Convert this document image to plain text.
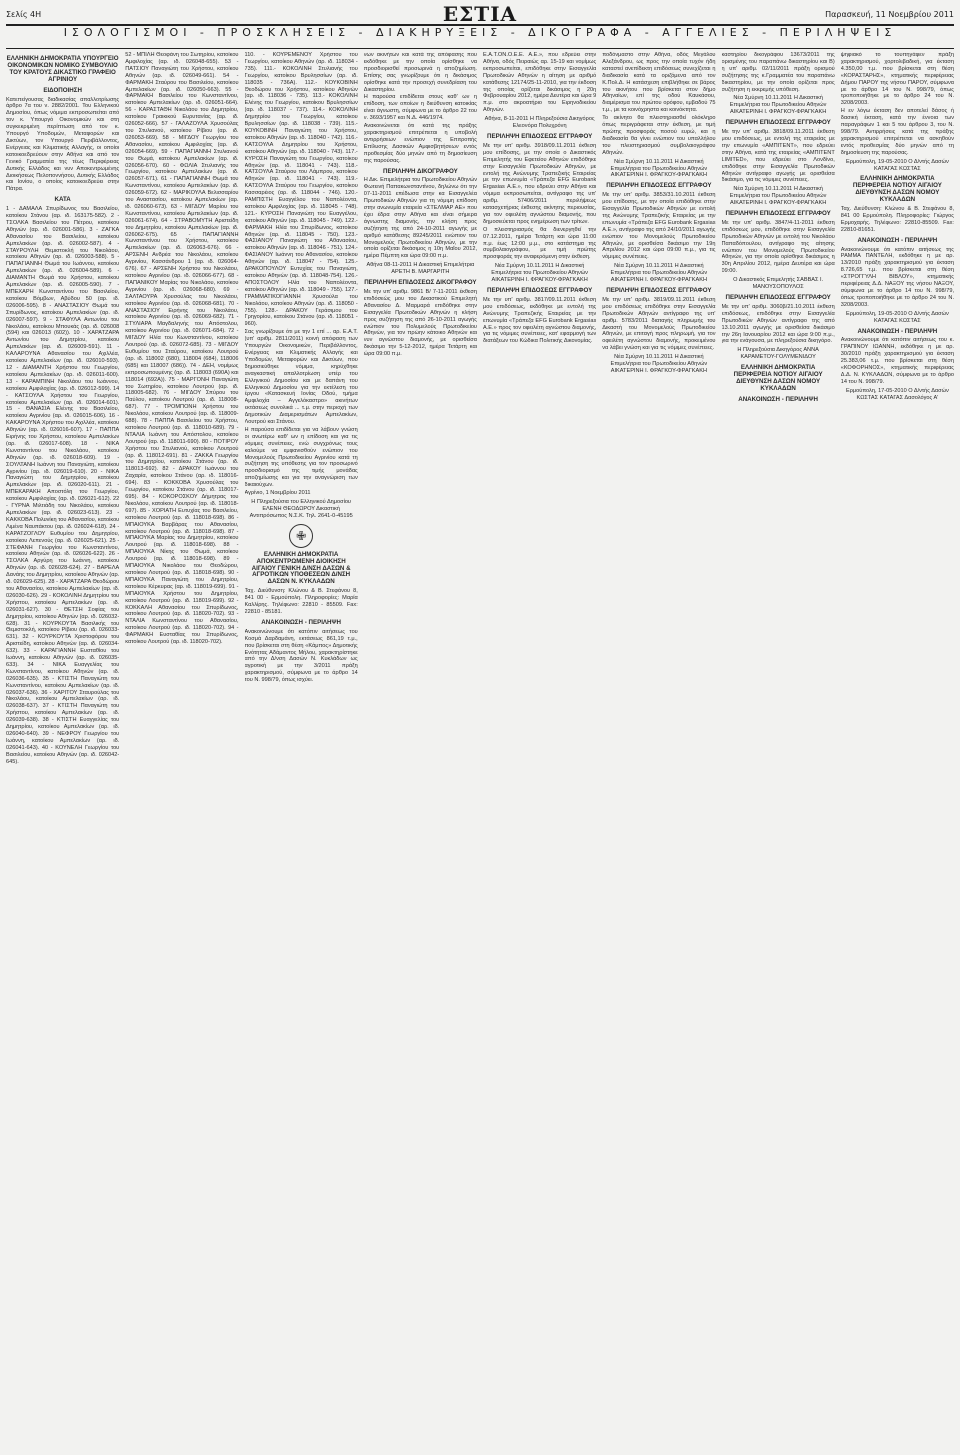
Σελίς 4Η	ΕΣΤΙΑ	Παρασκευή, 11 Νοεμβρίου 2011
ΙΣΟΛΟΓΙΣΜΟΙ - ΠΡΟΣΚΛΗΣΕΙΣ - ΔΙΑΚΗΡΥΞΕΙΣ - ΔΙΚΟΓΡΑΦΑ - ΑΓΓΕΛΙΕΣ - ΠΕΡΙΛΗΨΕΙΣ

ΕΛΛΗΝΙΚΗ ΔΗΜΟΚΡΑΤΙΑ ΥΠΟΥΡΓΕΙΟ ΟΙΚΟΝΟΜΙΚΩΝ ΝΟΜΙΚΟ ΣΥΜΒΟΥΛΙΟ ΤΟΥ ΚΡΑΤΟΥΣ ΔΙΚΑΣΤΙΚΟ ΓΡΑΦΕΙΟ ΑΓΡΙΝΙΟΥ

ΕΙΔΟΠΟΙΗΣΗ

Κατεπείγουσας διαδικασίας απαλλοτρίωσης άρθρο 7α του ν. 2882/2001. Του Ελληνικού Δημοσίου, όπως νόμιμα εκπροσωπείται από τον κ. Υπουργό Οικονομικών και στη συγκεκριμένη περίπτωση από τον κ. Υπουργό Υποδομών, Μεταφορών και Δικτύων, τον Υπουργό Περιβάλλοντος, Ενέργειας και Κλιματικής Αλλαγής, οι οποίοι κατοικοεδρεύουν στην Αθήνα και από τον Γενικό Γραμματέα της τέως Περιφέρειας Δυτικής Ελλάδος και νυν Αποκεντρωμένης Διοικήσεως Πελοποννήσου, Δυτικής Ελλάδος και Ιονίου, ο οποίος κατοικοεδρεύει στην Πάτρα.

ΚΑΤΑ

1 - ΔΑΜΑΛΑ Σπυρίδωνος του Βασιλείου, κατοίκου Στάνου (αρ. ιδ. 163175-582). 2 - ΤΣΟΛΚΑ Βασιλείου του Πέτρου, κατοίκου Αθηνών (αρ. ιδ. 026001-586). 3 - ΖΑΓΚΑ Αθανασίου του Βασιλείου, κατοίκου Αμπελακίων (αρ. ιδ. 026002-587). 4 - ΣΤΑΥΡΟΥΛΗ Θεμιστοκλή του Νικολάου, κατοίκου Αθηνών (αρ. ιδ. 026003-588). 5 - ΠΑΠΑΓΙΑΝΝΗ Θωμά του Ιωάννου, κατοίκου Αμπελακίων (αρ. ιδ. 026004-589). 6 - ΔΙΑΜΑΝΤΗ Θωμά του Χρήστου, κατοίκου Αμπελακίων (αρ. ιδ. 026005-590). 7 - ΜΠΕΧΑΡΗ Κωνσταντίνου του Βασιλείου, κατοίκου Βόμβων, Αβύδου 50 (αρ. ιδ. 026006-595). 8 - ΑΝΑΣΤΑΣΙΟΥ Θωμά του Σπυρίδωνος, κατοίκου Αμπελακίων (αρ. ιδ. 026007-597). 9 - ΣΤΑΦΥΛΑ Αντωνίου του Νικολάου, κατοίκου Μπουκάς (αρ. ιδ. 026008 (594) και 026013 (602)). 10 - ΧΑΡΑΤΖΑΡΑ Αντωνίου του Δημητρίου, κατοίκου Αμπελακίων (αρ. ιδ. 026009-591). 11 - ΚΑΛΑΡΟΥΝΑ Αθανασίου του Αχιλλέα, κατοίκου Αμπελακίων (αρ. ιδ. 026010-593). 12 - ΔΙΑΜΑΝΤΗ Χρήστου του Γεωργίου, κατοίκου Αμπελακίων (αρ. ιδ. 026011-600). 13 - ΚΑΡΑΜΠΙΝΗ Νικολάου του Ιωάννου, κατοίκου Αμφιλοχίας (αρ. ιδ. 026012-599). 14 - ΚΑΤΣΟΥΛΑ Χρήστου του Γεωργίου, κατοίκου Αμπελακίων (αρ. ιδ. 026014-601). 15 - ΘΑΝΑΣΙΑ Ελένης του Βασιλείου, κατοίκου Αγρινίου (αρ. ιδ. 026015-606). 16 - ΚΑΚΑΡΟΥΝΑ Χρήστου του Αχιλλέα, κατοίκου Αθηνών (αρ. ιδ. 026016-607). 17 - ΠΑΠΠΑ Ειρήνης του Χρήστου, κατοίκου Αμπελακίων (αρ. ιδ. 026017-608). 18 - ΝΙΚΑ Κωνσταντίνου του Νικολάου, κατοίκου Αθηνών (αρ. ιδ. 026018-609). 19 - ΣΟΥΛΤΑΝΗ Ιωάννη του Παναγιώτη, κατοίκου Αγρινίου (αρ. ιδ. 026019-610). 20 - ΝΙΚΑ Παναγιώτη του Δημητρίου, κατοίκου Αμπελακίων (αρ. ιδ. 026020-611). 21 - ΜΠΕΚΑΡΑΚΗ Αποστόλη του Γεωργίου, κατοίκου Αμφιλοχίας (αρ. ιδ. 026021-612). 22 - ΓΥΡΝΑ Μιλτιάδη του Νικολάου, κατοίκου Αμπελακίων (αρ. ιδ. 026023-613). 23 - ΚΑΚΚΟΒΑ Πολυνίκη του Αθανασίου, κατοίκου Λιμένα Ναυπάκτου (αρ. ιδ. 026024-618). 24 - ΚΑΡΑΤΖΟΓΛΟΥ Ευθυμίου του Δημητρίου, κατοίκου Λεπενούς (αρ. ιδ. 026025-621). 25 - ΣΤΕΦΑΝΗ Γεωργίου του Κωνσταντίνου, κατοίκου Αθηνών (αρ. ιδ. 026026-622). 26 - ΤΣΟΛΚΑ Αργύρη του Ιωάννη, κατοίκου Αθηνών (αρ. ιδ. 026028-624). 27 - ΒΑΡΕΛΑ Δανάης του Δημητρίου, κατοίκου Αθηνών (αρ. ιδ. 026029-625). 28 - ΧΑΡΑΤΖΑΡΑ Θεοδώρου του Αθανασίου, κατοίκου Αμπελακίων (αρ. ιδ. 026030-626). 29 - ΚΟΚΟΛΙΝΗ Δημητρίου του Χρήστου, κατοίκου Αμπελακίων (αρ. ιδ. 026031-627). 30 - ΘΕΤΣΗ Σοφίας του Δημητρίου, κατοίκου Αθηνών (αρ. ιδ. 026032-628). 31 - ΚΟΥΡΚΟΥΤΑ Βασιλικής του Θεμιστοκλή, κατοίκου Ρίβιου (αρ. ιδ. 026033-631). 32 - ΚΟΥΡΚΟΥΤΑ Χριστοφόρου του Αριστείδη, κατοίκου Αθηνών (αρ. ιδ. 026034-632). 33 - ΚΑΡΑΓΙΑΝΝΗ Ευσταθίου του Ιωάννη, κατοίκου Αθηνών (αρ. ιδ. 026035-633). 34 - ΝΙΚΑ Ευαγγελίας του Κωνσταντίνου, κατοίκου Αθηνών (αρ. ιδ. 026036-635). 35 - ΚΤΙΣΤΗ Παναγιώτη του Κωνσταντίνου, κατοίκου Αμπελακίων (αρ. ιδ. 026037-636). 36 - ΧΑΡΙΤΟΥ Σταυρούλας του Νικολάου, κατοίκου Αμπελακίων (αρ. ιδ. 026038-637). 37 - ΚΤΙΣΤΗ Παναγιώτη του Χρήστου, κατοίκου Αμπελακίων (αρ. ιδ. 026039-638). 38 - ΚΤΙΣΤΗ Ευαγγελίας του Δημητρίου, κατοίκου Αμπελακίων (αρ. ιδ. 026040-640). 39 - ΝΕΦΡΟΥ Γεωργίου του Ιωάννη, κατοίκου Αμπελακίων (αρ. ιδ. 026041-643). 40 - ΚΟΥΝΕΛΗ Γεωργίου του Βασιλείου, κατοίκου Αθηνών (αρ. ιδ. 026042-645).

52 - ΜΠΙΛΗ Θεοφάνη του Σωτηρίου, κατοίκου Αμφιλοχίας (αρ. ιδ. 026048-655). 53 - ΠΑΤΣΙΟΥ Παναγιώτη του Χρήστου, κατοίκου Αθηνών (αρ. ιδ. 026049-661). 54 - ΦΑΡΜΑΚΗ Σταύρου του Βασιλείου, κατοίκου Αμπελακίων (αρ. ιδ. 026050-663). 55 - ΦΑΡΜΑΚΗ Βασιλείου του Κωνσταντίνου, κατοίκου Αμπελακίων (αρ. ιδ. 026051-664). 56 - ΚΑΡΑΣΤΑΘΗ Νικολάου του Δημητρίου, κατοίκου Γραικικού Ευρυτανίας (αρ. ιδ. 026052-666). 57 - ΓΑΛΑΖΟΥΛΑ Χρυσούλας του Στυλιανού, κατοίκου Ρίβιου (αρ. ιδ. 026053-669). 58 - ΜΙΓΔΟΥ Γεωργίου του Αθανασίου, κατοίκου Αμφιλοχίας (αρ. ιδ. 026054-669). 59 - ΠΑΠΑΓΙΑΝΝΗ Στυλιανού του Θωμά, κατοίκου Αμπελακίων (αρ. ιδ. 026056-670). 60 - ΦΩΛΙΑ Στυλιανής του Γεωργίου, κατοίκου Αμπελακίων (αρ. ιδ. 026057-671). 61 - ΠΑΠΑΓΙΑΝΝΗ Θωμά του Κωνσταντίνου, κατοίκου Αμπελακίων (αρ. ιδ. 026059-672). 62 - ΜΑΡΙΚΟΥΛΑ Βελισσαρίου του Αναστασίου, κατοίκου Αμπελακίων (αρ. ιδ. 026060-673). 63 - ΜΙΓΔΟΥ Μαρίου του Κωνσταντίνου, κατοίκου Αμπελακίων (αρ. ιδ. 026061-674). 64 - ΣΤΡΑΒΟΜΥΤΗ Αριστείδη του Δημητρίου, κατοίκου Αμπελακίων (αρ. ιδ. 026062-675). 65 - ΠΑΠΑΓΙΑΝΝΗ Κωνσταντίνου του Χρήστου, κατοίκου Αμπελακίων (αρ. ιδ. 026063-676). 66 - ΑΡΣΕΝΗ Ανδρέα του Νικολάου, κατοίκου Αγρινίου, Κασσάνδρου 1 (αρ. ιδ. 026064-676). 67 - ΑΡΣΕΝΗ Χρήστου του Νικολάου, κατοίκου Αγρινίου (αρ. ιδ. 026066-677). 68 - ΠΑΠΑΝΙΚΟΥ Μαρίας του Νικολάου, κατοίκου Αγρινίου (αρ. ιδ. 026068-680). 69 - ΣΑΛΤΑΟΥΡΑ Χρυσούλας του Νικολάου, κατοίκου Αγρινίου (αρ. ιδ. 026068-681). 70 - ΑΝΑΣΤΑΣΙΟΥ Ειρήνης του Νικολάου, κατοίκου Αγρινίου (αρ. ιδ. 026069-682). 71 - ΣΤΥΛΙΑΡΑ Μαγδαληνής του Απόστολου, κατοίκου Αγρινίου (αρ. ιδ. 026071-684). 72 - ΜΙΓΔΟΥ Ηλία του Κωνσταντίνου, κατοίκου Λουτρού (αρ. ιδ. 026072-685). 73 - ΜΙΓΔΟΥ Ευθυμίου του Σταύρου, κατοίκου Λουτρού (αρ. ιδ. 118002 (680), 118004 (684), 118006 (685) και 118007 (686)). 74 - ΔΕΗ, νομίμως εκπροσωπουμένης (αρ. ιδ. 118003 (690Α) και 118014 (692Α)). 75 - ΜΑΡΓΟΝΗ Παναγιώτη του Σωτηρίου, κατοίκου Λουτρού (αρ. ιδ. 118005-682). 76 - ΜΙΓΔΟΥ Σπύρου του Παύλου, κατοίκου Λουτρού (αρ. ιδ. 118008-687). 77 - ΤΡΟΜΠΟΝΗ Χρήστου του Νικολάου, κατοίκου Λουτρού (αρ. ιδ. 118009-688). 78 - ΠΑΠΠΑ Βασιλείου του Χρήστου, κατοίκου Λουτρού (αρ. ιδ. 118010-689). 79 - ΝΤΑΛΙΑ Ιωάννη του Απόστολου, κατοίκου Λουτρού (αρ. ιδ. 118011-690). 80 - ΠΟΤΙΡΟΥ Χρήστου του Στυλιανού, κατοίκου Λουτρού (αρ. ιδ. 118012-691). 81 - ΖΑΚΚΑ Γεωργίου του Δημητρίου, κατοίκου Στάνου (αρ. ιδ. 118013-692). 82 - ΔΡΑΚΟΥ Ιωάννου του Ζαχαρία, κατοίκου Στάνου (αρ. ιδ. 118016-694). 83 - ΚΟΚΚΟΒΑ Χρυσούλας του Γεωργίου, κατοίκου Στάνου (αρ. ιδ. 118017-695). 84 - ΚΟΚΟΡΟΣΚΟΥ Δήμητρας του Νικολάου, κατοίκου Λουτρού (αρ. ιδ. 118018-697). 85 - ΧΟΡΙΑΤΗ Ευτυχίας του Βασιλείου, κατοίκου Λουτρού (αρ. ιδ. 118018-698). 86 - ΜΠΑΙΟΥΚΑ Βαρβάρας του Αθανασίου, κατοίκου Λουτρού (αρ. ιδ. 118018-698). 87 - ΜΠΑΙΟΥΚΑ Μαρίας του Δημητρίου, κατοίκου Λουτρού (αρ. ιδ. 118018-698). 88 - ΜΠΑΙΟΥΚΑ Νίκης του Θωμά, κατοίκου Λουτρού (αρ. ιδ. 118018-698). 89 - ΜΠΑΙΟΥΚΑ Νικολάου του Θεοδώρου, κατοίκου Λουτρού (αρ. ιδ. 118018-698). 90 - ΜΠΑΙΟΥΚΑ Παναγιώτη του Δημητρίου, κατοίκου Κέρκυρας (αρ. ιδ. 118019-699). 91 - ΜΠΑΙΟΥΚΑ Χρήστου του Δημητρίου, κατοίκου Λουτρού (αρ. ιδ. 118019-699). 92 - ΚΟΚΚΑΛΗ Αθανασίου του Σπυρίδωνος, κατοίκου Λουτρού (αρ. ιδ. 118020-702). 93 - ΝΤΑΛΙΑ Κωνσταντίνου του Αθανασίου, κατοίκου Λουτρού (αρ. ιδ. 118020-702). 94 - ΦΑΡΜΑΚΗ Ευσταθίας του Σπυρίδωνος, κατοίκου Λουτρού (αρ. ιδ. 118020-702).

110. - ΚΟΥΡΕΜΕΝΟΥ Χρήστου του Γεωργίου, κατοίκου Αθηνών (αρ. ιδ. 118034 - 735). 111.- ΚΟΚΟΛΙΝΗ Στυλιανής του Γεωργίου, κατοίκου Βρυλησσίων (αρ. ιδ. 118035 - 736Α). 112.- ΚΟΥΚΟΒΙΝΗ Θεοδώρου του Χρήστου, κατοίκου Αθηνών (αρ. ιδ. 118036 - 735). 113.- ΚΟΚΟΛΙΝΗ Ελένης του Γεωργίου, κατοίκου Βρυλησσίων (αρ. ιδ. 118037 - 737). 114.- ΚΟΚΟΛΙΝΗ Δημητρίου του Γεωργίου, κατοίκου Βρυλησσίων (αρ. ιδ. 118038 - 739). 115.- ΚΟΥΚΟΒΙΝΗ Παναγιώτη του Χρήστου, κατοίκου Αθηνών (αρ. ιδ. 118040 - 742). 116.- ΚΑΤΣΟΥΛΑ Δημητρίου του Χρήστου, κατοίκου Αθηνών (αρ. ιδ. 118040 - 743). 117.- ΚΥΡΟΣΗ Παναγιώτη του Γεωργίου, κατοίκου Αθηνών (αρ. ιδ. 118041 - 743). 118.- ΚΑΤΣΟΥΛΑ Σταύρου του Λάμπρου, κατοίκου Αθηνών (αρ. ιδ. 118041 - 743). 119.- ΚΑΤΣΟΥΛΑ Σταύρου του Γεωργίου, κατοίκου Κασσαρέιος (αρ. ιδ. 118044 - 746). 120.- ΡΑΜΠΙΣΤΗ Ευαγγέλου του Ναπολέοντα, κατοίκου Αμφιλοχίας (αρ. ιδ. 118045 - 748). 121.- ΚΥΡΟΣΗ Παναγιώτη του Ευαγγέλου, κατοίκου Αθηνών (αρ. ιδ. 118045 - 749). 122.- ΦΑΡΜΑΚΗ Ηλία του Σπυρίδωνος, κατοίκου Αθηνών (αρ. ιδ. 118045 - 750). 123.- ΦΑΣΙΑΝΟΥ Παναγιώτη του Αθανασίου, κατοίκου Αθηνών (αρ. ιδ. 118046 - 751). 124.- ΦΑΣΙΑΝΟΥ Ιωάννη του Αθανασίου, κατοίκου Αθηνών (αρ. ιδ. 118047 - 754). 125.- ΔΡΑΚΟΠΟΥΛΟΥ Ευτυχίας του Παναγιώτη, κατοίκου Αθηνών (αρ. ιδ. 118048-754). 126.- ΑΠΟΣΤΟΛΟΥ Ηλία του Ναπολέοντα, κατοίκου Αθηνών (αρ. ιδ. 118049 - 755). 127.- ΓΡΑΜΜΑΤΙΚΟΓΙΑΝΝΗ Χρυσούλα του Νικολάου, κατοίκου Αθηνών (αρ. ιδ. 118050 - 755). 128.- ΔΡΑΚΟΥ Γεράσιμου του Γρηγορίου, κατοίκου Στάνου (αρ. ιδ. 118051 - 960).

Σας γνωρίζουμε ότι με την 1 επί ... αρ. Ε.Α.Τ. (υπ' αριθμ. 2811/2011) κοινή απόφαση των Υπουργών Οικονομικών, Περιβάλλοντος, Ενέργειας και Κλιματικής Αλλαγής και Υποδομών, Μεταφορών και Δικτύων, που δημοσιεύθηκε νόμιμα, κηρύχθηκε αναγκαστική απαλλοτρίωση υπέρ του Ελληνικού Δημοσίου και με δαπάνη του Ελληνικού Δημοσίου για την εκτέλεση του έργου «Κατασκευή Ιονίας Οδού, τμήμα Αμφιλοχία – Αγγελόκαστρο» ακινήτων εκτάσεως συνολικά ... τ.μ. στην περιοχή των Δημοτικών Διαμερισμάτων Αμπελακίων, Λουτρού και Στάνου.

Η παρούσα επιδίδεται για να λάβουν γνώση οι ανωτέρω καθ' ων η επίδοση και για τις νόμιμες συνέπειες, ενώ συγχρόνως τους καλούμε να εμφανισθούν ενώπιον του Μονομελούς Πρωτοδικείου Αγρινίου κατά τη συζήτηση της υπόθεσης για τον προσωρινό προσδιορισμό της τιμής μονάδας αποζημίωσης και για την αναγνώριση των δικαιούχων.

Αγρίνιο, 1 Νοεμβρίου 2011

Η Πληρεξούσια του Ελληνικού Δημοσίου ΕΛΕΝΗ ΘΕΟΔΩΡΟΥ Δικαστική Αντιπρόσωπος Ν.Σ.Κ. Τηλ. 2641-0-45195

✙

ΕΛΛΗΝΙΚΗ ΔΗΜΟΚΡΑΤΙΑ ΑΠΟΚΕΝΤΡΩΜΕΝΗ ΔΙΟΙΚΗΣΗ ΑΙΓΑΙΟΥ ΓΕΝΙΚΗ Δ/ΝΣΗ ΔΑΣΩΝ & ΑΓΡΟΤΙΚΩΝ ΥΠΟΘΕΣΕΩΝ Δ/ΝΣΗ ΔΑΣΩΝ Ν. ΚΥΚΛΑΔΩΝ

Ταχ. Διεύθυνση: Κλώνου & Β. Στεφάνου 8, 841 00 - Ερμούπολη. Πληροφορίες: Μαρία Καλλίρης. Τηλέφωνο: 22810 - 85509. Fax: 22810 - 85181.

ΑΝΑΚΟΙΝΩΣΗ - ΠΕΡΙΛΗΨΗ

Ανακοινώνουμε ότι κατόπιν αιτήσεως του Κοσμά Δαρδαμάνη, εκτάσεως 861,19 τ.μ., που βρίσκεται στη θέση «Κάμπος» Δημοτικής Ενότητας Αδάμαντος Μήλου, χαρακτηρίστηκε από την Δ/νση Δασών Ν. Κυκλάδων ως αγροτική με την 3/2011 πράξη χαρακτηρισμού, σύμφωνα με το άρθρο 14 του Ν. 998/79, όπως ισχύει.

νων ακινήτων και κατά της απόφασης που εκδόθηκε με την οποία ορίσθηκε να προσδιορισθεί προσωρινά η αποζημίωση. Επίσης σας γνωρίζουμε ότι η δικάσιμος ορίσθηκε κατά την προσεχή συνεδρίαση του Δικαστηρίου.

Η παρούσα επιδίδεται στους καθ' ων η επίδοση, των οποίων η διεύθυνση κατοικίας είναι άγνωστη, σύμφωνα με το άρθρο 22 του ν. 3693/1957 και Ν.Δ. 446/1974.

Ανακοινώνεται ότι κατά της πράξης χαρακτηρισμού επιτρέπεται η υποβολή αντιρρήσεων ενώπιον της Επιτροπής Επίλυσης Δασικών Αμφισβητήσεων εντός προθεσμίας δύο μηνών από τη δημοσίευση της παρούσας.

ΠΕΡΙΛΗΨΗ ΔΙΚΟΓΡΑΦΟΥ

Η Δικ. Επιμελήτρια του Πρωτοδικείου Αθηνών Φωτεινή Παπακωνσταντίνου, δηλώνω ότι την 07-11-2011 επέδωσα στην κα Εισαγγελέα Πρωτοδικών Αθηνών για τη νόμιμη επίδοση στην ανωνυμία εταιρεία «ΣΤΕΛΜΑΡ ΑΕ» που έχει έδρα στην Αθήνα και είναι σήμερα άγνωστης διαμονής, την κλήση προς συζήτηση της από 24-10-2011 αγωγής με αριθμό κατάθεσης 89245/2011 ενώπιον του Μονομελούς Πρωτοδικείου Αθηνών, με την οποία ορίζεται δικάσιμος η 10η Μαΐου 2012, ημέρα Πέμπτη και ώρα 09:00 π.μ.

Αθήνα 08-11-2011 Η Δικαστική Επιμελήτρια ΑΡΕΤΗ Β. ΜΑΡΓΑΡΙΤΗ

ΠΕΡΙΛΗΨΗ ΕΠΙΔΟΣΕΩΣ ΔΙΚΟΓΡΑΦΟΥ

Με την υπ' αριθμ. 9861 Β/ 7-11-2011 έκθεση επιδόσεώς μου του Δικαστικού Επιμελητή Αθανασίου Δ. Μαρμαρά επιδόθηκε στην Εισαγγελία Πρωτοδικών Αθηνών η κλήση προς συζήτηση της από 26-10-2011 αγωγής ενώπιον του Πολυμελούς Πρωτοδικείου Αθηνών, για τον πρώην κάτοικο Αθηνών και νυν αγνώστου διαμονής, με ορισθείσα δικάσιμο την 5-12-2012, ημέρα Τετάρτη και ώρα 09:00 π.μ.

Ε.Α.Τ.ΟΝ.Ο.Ε.Ε. Α.Ε.», που εδρεύει στην Αθήνα, οδός Πειραιώς αρ. 15-19 και νομίμως εκπροσωπείται, επιδόθηκε στην Εισαγγελία Πρωτοδικών Αθηνών η αίτηση με αριθμό κατάθεσης 12174/25-11-2010, για την έκδοση της οποίας ορίζεται δικάσιμος η 20η Φεβρουαρίου 2012, ημέρα Δευτέρα και ώρα 9 π.μ. στο ακροατήριο του Ειρηνοδικείου Αθηνών.

Αθήνα, 8-11-2011 Η Πληρεξούσια Δικηγόρος Ελεονόρα Πολυχρόνη

ΠΕΡΙΛΗΨΗ ΕΠΙΔΟΣΕΩΣ ΕΓΓΡΑΦΟΥ

Με την υπ' αριθμ. 3918/09.11.2011 έκθεση μου επίδοσης, με την οποία ο Δικαστικός Επιμελητής του Εφετείου Αθηνών επιδόθηκε στην Εισαγγελία Πρωτοδικών Αθηνών, με εντολή της Ανώνυμης Τραπεζικής Εταιρείας με την επωνυμία «Τράπεζα EFG Eurobank Ergasias Α.Ε.», που εδρεύει στην Αθήνα και νόμιμα εκπροσωπείται, αντίγραφο της υπ' αριθμ. 57406/2011 περιλήψεως κατασχετήριας έκθεσης ακίνητης περιουσίας, για τον οφειλέτη αγνώστου διαμονής, που δημοσιεύεται προς ενημέρωση των τρίτων.

Ο πλειστηριασμός θα διενεργηθεί την 07.12.2011, ημέρα Τετάρτη και ώρα 11:00 π.μ. έως 12:00 μ.μ., στο κατάστημα της συμβολαιογράφου, με τιμή πρώτης προσφοράς την αναφερόμενη στην έκθεση.

Νέα Σμύρνη 10.11.2011 Η Δικαστική Επιμελήτρια του Πρωτοδικείου Αθηνών ΑΙΚΑΤΕΡΙΝΗ Ι. ΦΡΑΓΚΟΥ-ΦΡΑΓΚΑΚΗ

ΠΕΡΙΛΗΨΗ ΕΠΙΔΟΣΕΩΣ ΕΓΓΡΑΦΟΥ

Με την υπ' αριθμ. 3817/09.11.2011 έκθεση μου επιδόσεως, εκδόθηκε με εντολή της Ανώνυμης Τραπεζικής Εταιρείας με την επωνυμία «Τράπεζα EFG Eurobank Ergasias Α.Ε.» προς τον οφειλέτη αγνώστου διαμονής, για τις νόμιμες συνέπειες, κατ' εφαρμογή των διατάξεων του Κώδικα Πολιτικής Δικονομίας.

ποδόνμαστο στην Αθήνα, οδός Μεγάλου Αλεξάνδρου, ως προς την οποία τυχόν ήδη καταστεί ανεπίδεκτη επιδόσεως συνεχίζεται η διαδικασία κατά τα οριζόμενα από τον Κ.Πολ.Δ. Η κατάσχεση επιβλήθηκε σε βάρος του ακινήτου που βρίσκεται στον δήμο Αθηναίων, επί της οδού Καυκάσου, διαμέρισμα του πρώτου ορόφου, εμβαδού 75 τ.μ., με τα κοινόχρηστα και κοινόκτητα.

Το ακίνητο θα πλειστηριασθεί ολόκληρο όπως περιγράφεται στην έκθεση, με τιμή πρώτης προσφοράς ποσού ευρώ, και η διαδικασία θα γίνει ενώπιον του υπαλλήλου του πλειστηριασμού συμβολαιογράφου Αθηνών.

Νέα Σμύρνη 10.11.2011 Η Δικαστική Επιμελήτρια του Πρωτοδικείου Αθηνών ΑΙΚΑΤΕΡΙΝΗ Ι. ΦΡΑΓΚΟΥ-ΦΡΑΓΚΑΚΗ

ΠΕΡΙΛΗΨΗ ΕΠΙΔΟΣΕΩΣ ΕΓΓΡΑΦΟΥ

Με την υπ' αριθμ. 3853/31.10.2011 έκθεση μου επίδοσης, με την οποία επιδόθηκε στην Εισαγγελία Πρωτοδικών Αθηνών με εντολή της Ανώνυμης Τραπεζικής Εταιρείας με την επωνυμία «Τράπεζα EFG Eurobank Ergasias Α.Ε.», αντίγραφο της από 24/10/2011 αγωγής ενώπιον του Μονομελούς Πρωτοδικείου Αθηνών, με ορισθείσα δικάσιμο την 19η Απριλίου 2012 και ώρα 09:00 π.μ., για τις νόμιμες συνέπειες.

Νέα Σμύρνη 10.11.2011 Η Δικαστική Επιμελήτρια του Πρωτοδικείου Αθηνών ΑΙΚΑΤΕΡΙΝΗ Ι. ΦΡΑΓΚΟΥ-ΦΡΑΓΚΑΚΗ

ΠΕΡΙΛΗΨΗ ΕΠΙΔΟΣΕΩΣ ΕΓΓΡΑΦΟΥ

Με την υπ' αριθμ. 3819/09.11.2011 έκθεση μου επιδόσεως επιδόθηκε στην Εισαγγελία Πρωτοδικών Αθηνών αντίγραφο της υπ' αριθμ. 5783/2011 διαταγής πληρωμής του Δικαστή του Μονομελούς Πρωτοδικείου Αθηνών, με επιταγή προς πληρωμή, για τον οφειλέτη αγνώστου διαμονής, προκειμένου να λάβει γνώση και για τις νόμιμες συνέπειες.

Νέα Σμύρνη 10.11.2011 Η Δικαστική Επιμελήτρια του Πρωτοδικείου Αθηνών ΑΙΚΑΤΕΡΙΝΗ Ι. ΦΡΑΓΚΟΥ-ΦΡΑΓΚΑΚΗ

καστηρίου δικογράφου 13673/2011 της ορισμένης του παραπάνω δικαστηρίου και Β) η υπ' αριθμ. 02/11/2011 πράξη ορισμού συζήτησης της κ.Γραμματέα του παραπάνω δικαστηρίου, με την οποία ορίζεται προς συζήτηση η εκκρεμής υπόθεση.

Νέα Σμύρνη 10.11.2011 Η Δικαστική Επιμελήτρια του Πρωτοδικείου Αθηνών ΑΙΚΑΤΕΡΙΝΗ Ι. ΦΡΑΓΚΟΥ-ΦΡΑΓΚΑΚΗ

ΠΕΡΙΛΗΨΗ ΕΠΙΔΟΣΕΩΣ ΕΓΓΡΑΦΟΥ

Με την υπ' αριθμ. 3818/09.11.2011 έκθεση μου επιδόσεως, με εντολή της εταιρείας με την επωνυμία «ΑΜΠΙΤΕΝΤ», που εδρεύει στην Αθήνα, κατά της εταιρείας «ΑΜΠΙΤΕΝΤ LIMITED», που εδρεύει στο Λονδίνο, επιδόθηκε στην Εισαγγελία Πρωτοδικών Αθηνών αντίγραφο αγωγής με ορισθείσα δικάσιμο, για τις νόμιμες συνέπειες.

Νέα Σμύρνη 10.11.2011 Η Δικαστική Επιμελήτρια του Πρωτοδικείου Αθηνών ΑΙΚΑΤΕΡΙΝΗ Ι. ΦΡΑΓΚΟΥ-ΦΡΑΓΚΑΚΗ

ΠΕΡΙΛΗΨΗ ΕΠΙΔΟΣΕΩΣ ΕΓΓΡΑΦΟΥ

Με την υπ' αριθμ. 3847/4-11-2011 έκθεση επιδόσεως μου, επιδόθηκε στην Εισαγγελία Πρωτοδικών Αθηνών με εντολή του Νικολάου Παπαδόπουλου, αντίγραφο της αίτησης ενώπιον του Μονομελούς Πρωτοδικείου Αθηνών, για την οποία ορίσθηκε δικάσιμος η 30η Απριλίου 2012, ημέρα Δευτέρα και ώρα 09:00.

Ο Δικαστικός Επιμελητής ΣΑΒΒΑΣ Ι. ΜΑΝΟΥΣΟΠΟΥΛΟΣ

ΠΕΡΙΛΗΨΗ ΕΠΙΔΟΣΕΩΣ ΕΓΓΡΑΦΟΥ

Με την υπ' αριθμ. 3060β/21.10.2011 έκθεση επιδόσεως, επιδόθηκε στην Εισαγγελία Πρωτοδικών Αθηνών αντίγραφο της από 13.10.2011 αγωγής με ορισθείσα δικάσιμο την 26η Ιανουαρίου 2012 και ώρα 9:00 π.μ., για την ενάγουσα, με πληρεξούσια δικηγόρο.

Η Πληρεξούσια Δικηγόρος ΑΝΝΑ ΚΑΡΑΜΕΤΟΥ-ΓΟΛΥΜΕΝΙΔΟΥ

ΕΛΛΗΝΙΚΗ ΔΗΜΟΚΡΑΤΙΑ ΠΕΡΙΦΕΡΕΙΑ ΝΟΤΙΟΥ ΑΙΓΑΙΟΥ ΔΙΕΥΘΥΝΣΗ ΔΑΣΩΝ ΝΟΜΟΥ ΚΥΚΛΑΔΩΝ

ΑΝΑΚΟΙΝΩΣΗ - ΠΕΡΙΛΗΨΗ

ψηφιακό το τουπηγάφεν πράξη χαρακτηρισμού, χορτολιβαδική, για έκταση 4.350,00 τ.μ. που βρίσκεται στη θέση «ΚΟΡΑΣΤΑΡΗΣ», κτηματικής περιφέρειας Δήμου ΠΑΡΟΥ της νήσου ΠΑΡΟΥ, σύμφωνα με το άρθρο 14 του Ν. 998/79, όπως τροποποιήθηκε με το άρθρο 24 του Ν. 3208/2003.

Η εν λόγω έκταση δεν αποτελεί δάσος ή δασική έκταση, κατά την έννοια των παραγράφων 1 και 5 του άρθρου 3, του Ν. 998/79. Αντιρρήσεις κατά της πράξης χαρακτηρισμού επιτρέπεται να ασκηθούν εντός προθεσμίας δύο μηνών από τη δημοσίευση της παρούσας.

Ερμούπολη, 19-05-2010 Ο Δ/ντής Δασών ΚΑΤΑΓΑΣ ΚΩΣΤΑΣ

ΕΛΛΗΝΙΚΗ ΔΗΜΟΚΡΑΤΙΑ ΠΕΡΙΦΕΡΕΙΑ ΝΟΤΙΟΥ ΑΙΓΑΙΟΥ ΔΙΕΥΘΥΝΣΗ ΔΑΣΩΝ ΝΟΜΟΥ ΚΥΚΛΑΔΩΝ

Ταχ. Διεύθυνση: Κλώνου & Β. Στεφάνου 8, 841 00 Ερμούπολη. Πληροφορίες: Γιώργος Ερμοχαρής. Τηλέφωνο: 22810-85509. Fax: 22810-81651.

ΑΝΑΚΟΙΝΩΣΗ - ΠΕΡΙΛΗΨΗ

Ανακοινώνουμε ότι κατόπιν αιτήσεως της ΡΑΜΜΑ ΠΑΝΤΕΛΗ, εκδόθηκε η με αρ. 13/2010 πράξη χαρακτηρισμού για έκταση 8.726,65 τ.μ. που βρίσκεται στη θέση «ΣΤΡΟΓΓΥΛΗ ΒΙΒΛΟΥ», κτηματικής περιφέρειας Δ.Δ. ΝΑΞΟΥ της νήσου ΝΑΞΟΥ, σύμφωνα με το άρθρο 14 του Ν. 998/79, όπως τροποποιήθηκε με το άρθρο 24 του Ν. 3208/2003.

Ερμούπολη, 19-05-2010 Ο Δ/ντής Δασών ΚΑΤΑΓΑΣ ΚΩΣΤΑΣ

ΑΝΑΚΟΙΝΩΣΗ - ΠΕΡΙΛΗΨΗ

Ανακοινώνουμε ότι κατόπιν αιτήσεως του κ. ΓΡΑΠΙΝΟΥ ΙΩΑΝΝΗ, εκδόθηκε η με αρ. 30/2010 πράξη χαρακτηρισμού για έκταση 25.383,06 τ.μ. που βρίσκεται στη θέση «ΚΟΦΟΡΗΝΟΣ», κτηματικής περιφέρειας Δ.Δ. Ν. ΚΥΚΛΑΔΩΝ, σύμφωνα με το άρθρο 14 του Ν. 998/79.

Ερμούπολη, 17-05-2010 Ο Δ/ντής Δασών ΚΩΣΤΑΣ ΚΑΤΑΓΑΣ Δασολόγος Α'
